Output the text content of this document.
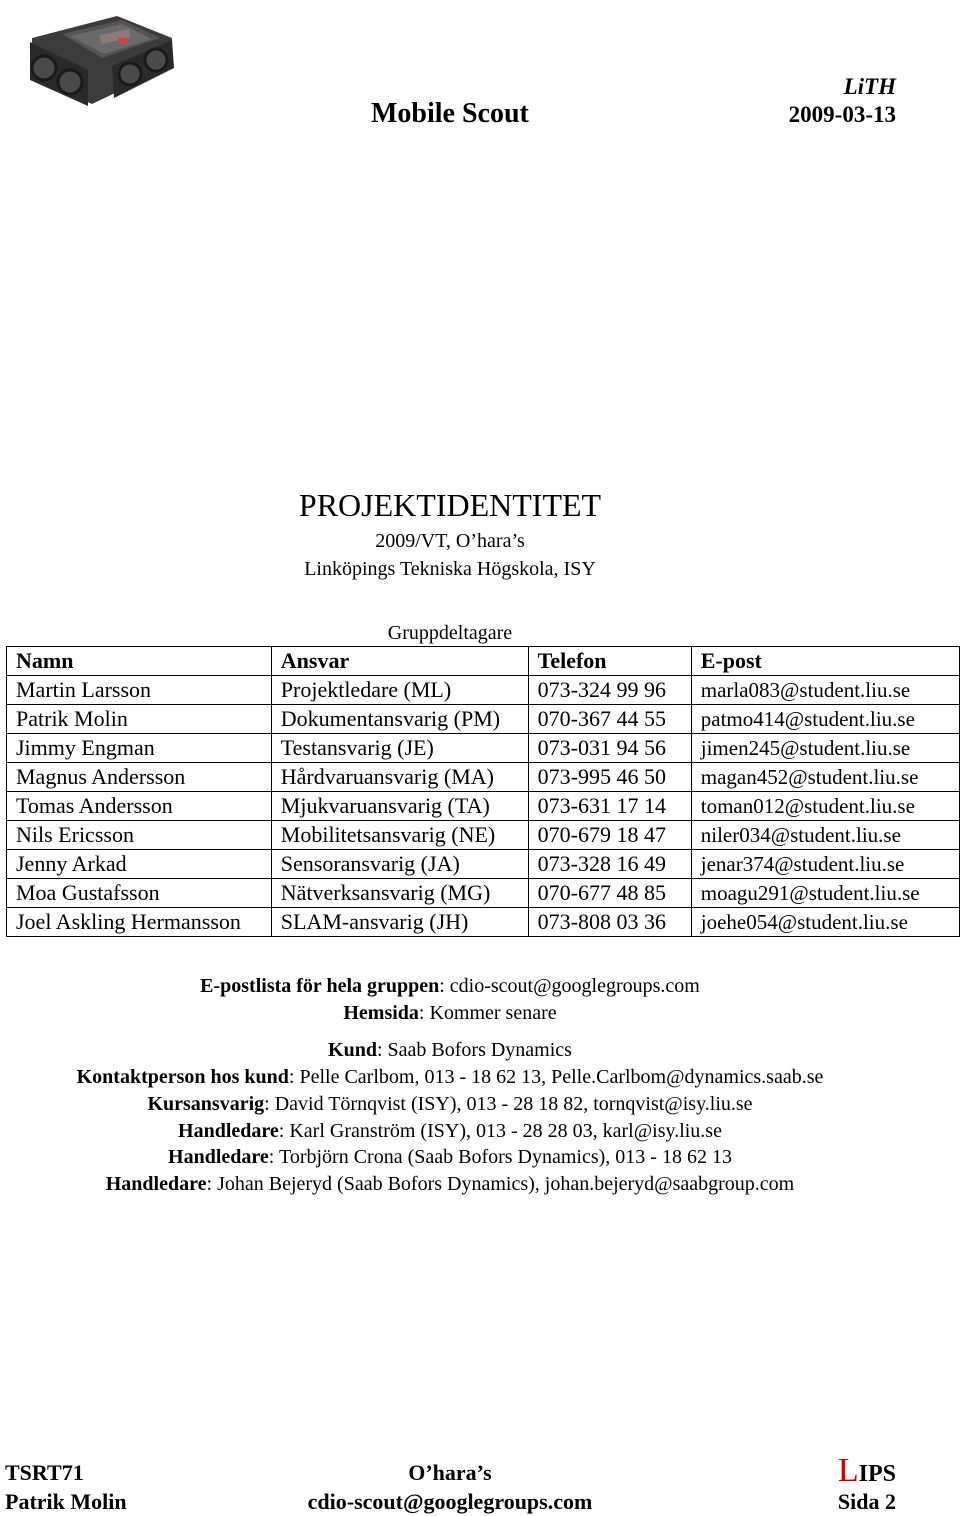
LiTH
Mobile Scout	2009-03-13
PROJEKTIDENTITET
2009/VT, O’hara’s
Linköpings Tekniska Högskola, ISY
Gruppdeltagare
Namn	Ansvar	Telefon	E-post
Martin Larsson	Projektledare (ML)	073-324 99 96	marla083@student.liu.se
Patrik Molin	Dokumentansvarig (PM)	070-367 44 55	patmo414@student.liu.se
Jimmy Engman	Testansvarig (JE)	073-031 94 56	jimen245@student.liu.se
Magnus Andersson	Hårdvaruansvarig (MA)	073-995 46 50	magan452@student.liu.se
Tomas Andersson	Mjukvaruansvarig (TA)	073-631 17 14	toman012@student.liu.se
Nils Ericsson	Mobilitetsansvarig (NE)	070-679 18 47	niler034@student.liu.se
Jenny Arkad	Sensoransvarig (JA)	073-328 16 49	jenar374@student.liu.se
Moa Gustafsson	Nätverksansvarig (MG)	070-677 48 85	moagu291@student.liu.se
Joel Askling Hermansson	SLAM-ansvarig (JH)	073-808 03 36	joehe054@student.liu.se
E-postlista för hela gruppen: cdio-scout@googlegroups.com
Hemsida: Kommer senare
Kund: Saab Bofors Dynamics
Kontaktperson hos kund: Pelle Carlbom, 013 - 18 62 13, Pelle.Carlbom@dynamics.saab.se
Kursansvarig: David Törnqvist (ISY), 013 - 28 18 82, tornqvist@isy.liu.se
Handledare: Karl Granström (ISY), 013 - 28 28 03, karl@isy.liu.se
Handledare: Torbjörn Crona (Saab Bofors Dynamics), 013 - 18 62 13
Handledare: Johan Bejeryd (Saab Bofors Dynamics), johan.bejeryd@saabgroup.com
TSRT71
Patrik Molin
O’hara’s
cdio-scout@googlegroups.com
LIPS
Sida 2
